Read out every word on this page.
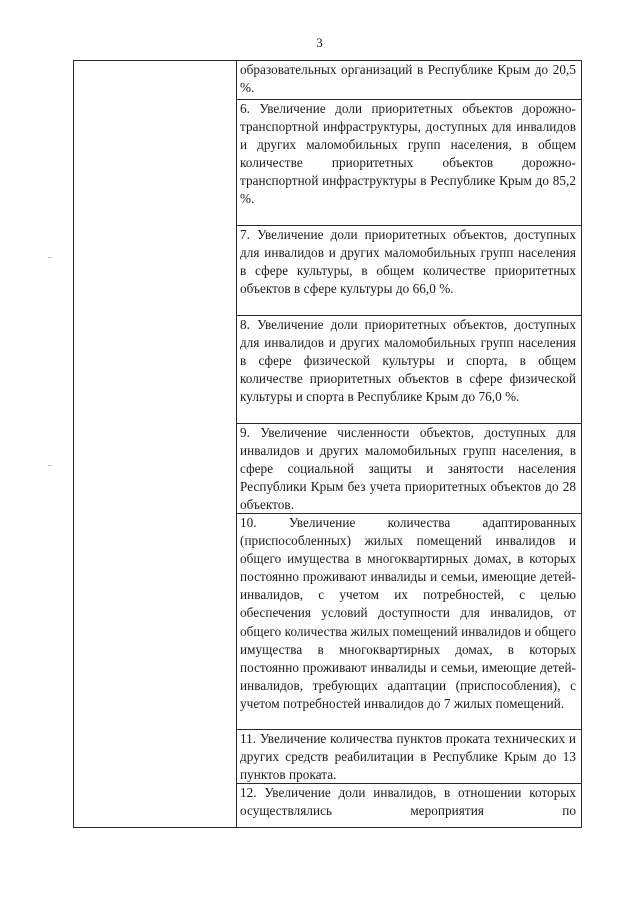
3
образовательных организаций в Республике Крым до 20,5 %.
6. Увеличение доли приоритетных объектов дорожно-транспортной инфраструктуры, доступных для инвалидов и других маломобильных групп населения, в общем количестве приоритетных объектов дорожно-транспортной инфраструктуры в Республике Крым до 85,2 %.
7. Увеличение доли приоритетных объектов, доступных для инвалидов и других маломобильных групп населения в сфере культуры, в общем количестве приоритетных объектов в сфере культуры до 66,0 %.
8. Увеличение доли приоритетных объектов, доступных для инвалидов и других маломобильных групп населения в сфере физической культуры и спорта, в общем количестве приоритетных объектов в сфере физической культуры и спорта в Республике Крым до 76,0 %.
9. Увеличение численности объектов, доступных для инвалидов и других маломобильных групп населения, в сфере социальной защиты и занятости населения Республики Крым без учета приоритетных объектов до 28 объектов.
10. Увеличение количества адаптированных (приспособленных) жилых помещений инвалидов и общего имущества в многоквартирных домах, в которых постоянно проживают инвалиды и семьи, имеющие детей-инвалидов, с учетом их потребностей, с целью обеспечения условий доступности для инвалидов, от общего количества жилых помещений инвалидов и общего имущества в многоквартирных домах, в которых постоянно проживают инвалиды и семьи, имеющие детей-инвалидов, требующих адаптации (приспособления), с учетом потребностей инвалидов до 7 жилых помещений.
11. Увеличение количества пунктов проката технических и других средств реабилитации в Республике Крым до 13 пунктов проката.
12. Увеличение доли инвалидов, в отношении которых осуществлялись мероприятия по
